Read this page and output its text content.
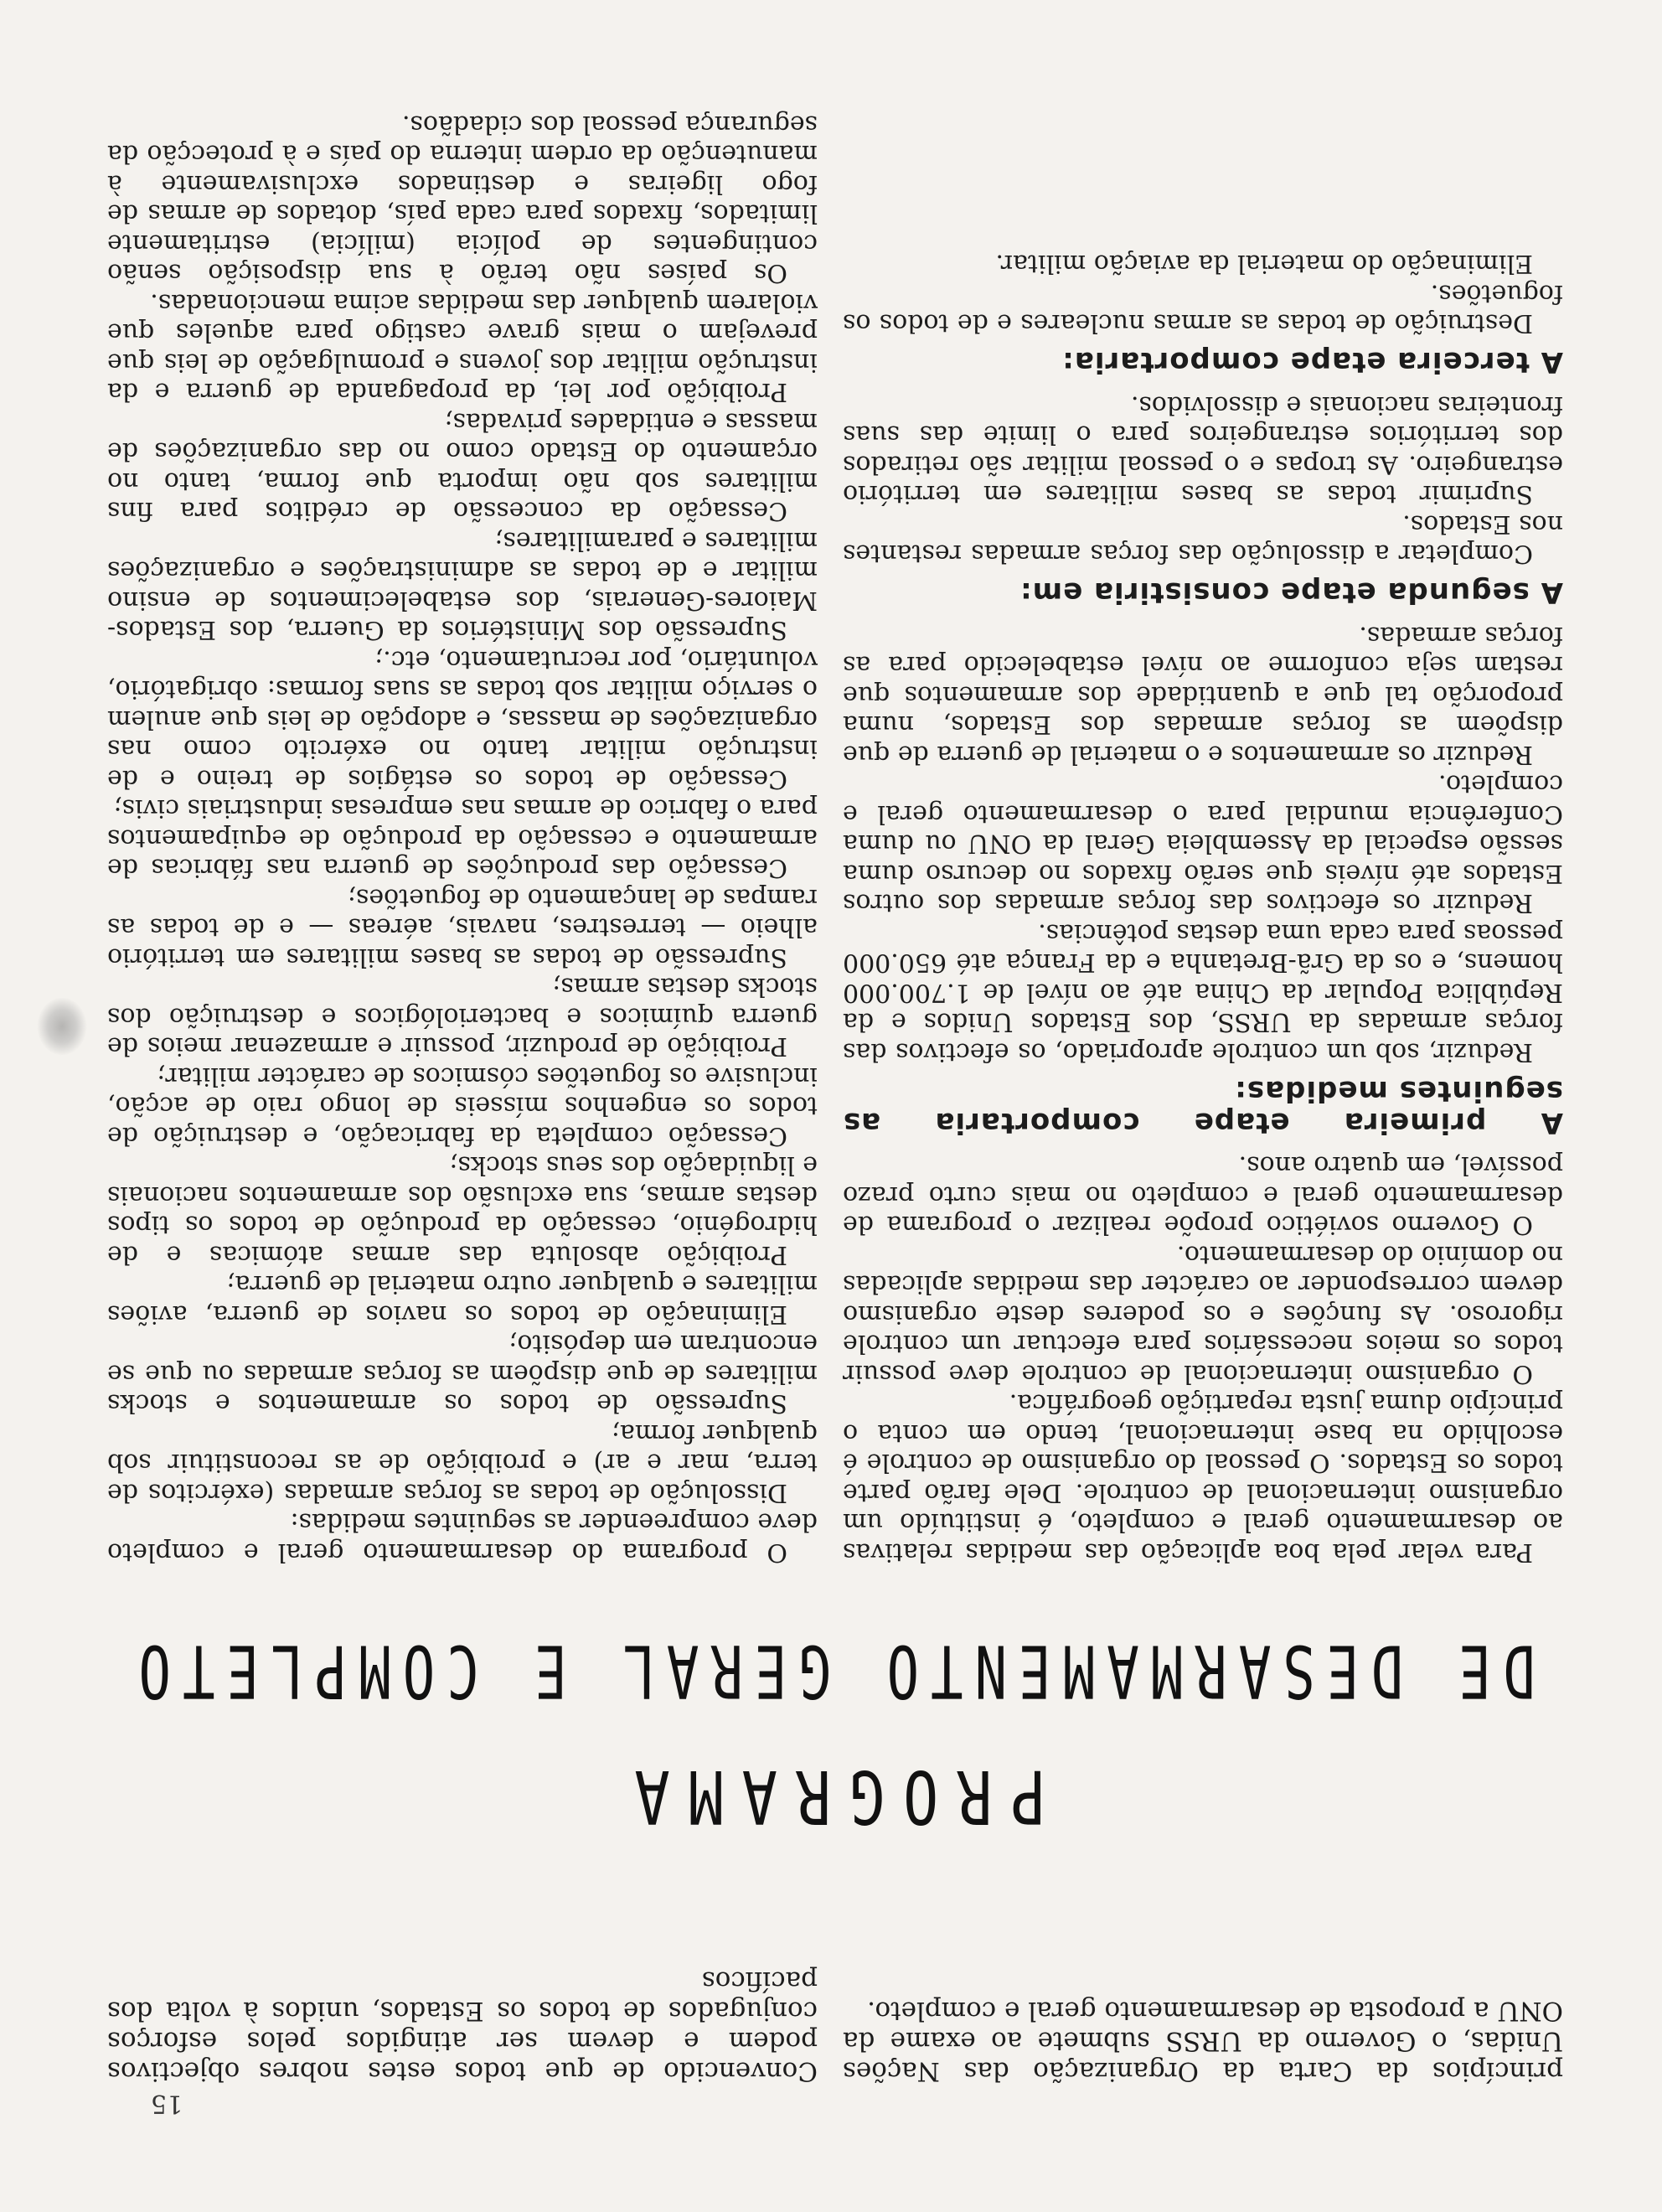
15
princípios da Carta da Organização das Nações Unidas, o Governo da URSS submete ao exame da ONU a proposta de desarmamento geral e completo.
Convencido de que todos estes nobres objectivos podem e devem ser atingidos pelos esforços conjugados de todos os Estados, unidos à volta dos pacíficos
PROGRAMA
DE DESARMAMENTO GERAL E COMPLETO

O programa do desarmamento geral e completo deve compreender as seguintes medidas:

Dissolução de todas as forças armadas (exércitos de terra, mar e ar) e proibição de as reconstituir sob qualquer forma;

Supressão de todos os armamentos e stocks militares de que dispõem as forças armadas ou que se encontram em depósito;

Eliminação de todos os navios de guerra, aviões militares e qualquer outro material de guerra;

Proibição absoluta das armas atómicas e de hidrogénio, cessação da produção de todos os tipos destas armas, sua exclusão dos armamentos nacionais e liquidação dos seus stocks;

Cessação completa da fabricação, e destruição de todos os engenhos mísseis de longo raio de acção, inclusive os foguetões cósmicos de carácter militar;

Proibição de produzir, possuir e armazenar meios de guerra químicos e bacteriológicos e destruição dos stocks destas armas;

Supressão de todas as bases militares em território alheio — terrestres, navais, aéreas — e de todas as rampas de lançamento de foguetões;

Cessação das produções de guerra nas fábricas de armamento e cessação da produção de equipamentos para o fabrico de armas nas empresas industriais civis;

Cessação de todos os estágios de treino e de instrução militar tanto no exército como nas organizações de massas, e adopção de leis que anulem o serviço militar sob todas as suas formas: obrigatório, voluntário, por recrutamento, etc.;

Supressão dos Ministérios da Guerra, dos Estados-Maiores-Generais, dos estabelecimentos de ensino militar e de todas as administrações e organizações militares e paramilitares;

Cessação da concessão de créditos para fins militares sob não importa que forma, tanto no orçamento do Estado como no das organizações de massas e entidades privadas;

Proibição por lei, da propaganda de guerra e da instrução militar dos jovens e promulgação de leis que prevejam o mais grave castigo para aqueles que violarem qualquer das medidas acima mencionadas.

Os países não terão à sua disposição senão contingentes de polícia (milícia) estritamente limitados, fixados para cada país, dotados de armas de fogo ligeiras e destinados exclusivamente à manutenção da ordem interna do país e à protecção da segurança pessoal dos cidadãos.

Para velar pela boa aplicação das medidas relativas ao desarmamento geral e completo, é instituído um organismo internacional de controle. Dele farão parte todos os Estados. O pessoal do organismo de controle é escolhido na base internacional, tendo em conta o princípio duma justa repartição geográfica.

O organismo internacional de controle deve possuir todos os meios necessários para efectuar um controle rigoroso. As funções e os poderes deste organismo devem corresponder ao carácter das medidas aplicadas no domínio do desarmamento.

O Governo soviético propõe realizar o programa de desarmamento geral e completo no mais curto prazo possível, em quatro anos.

A primeira etape comportaria as seguintes medidas:

Reduzir, sob um controle apropriado, os efectivos das forças armadas da URSS, dos Estados Unidos e da República Popular da China até ao nível de 1.700.000 homens, e os da Grã-Bretanha e da França até 650.000 pessoas para cada uma destas potências.

Reduzir os efectivos das forças armadas dos outros Estados até níveis que serão fixados no decurso duma sessão especial da Assembleia Geral da ONU ou duma Conferência mundial para o desarmamento geral e completo.

Reduzir os armamentos e o material de guerra de que dispõem as forças armadas dos Estados, numa proporção tal que a quantidade dos armamentos que restam seja conforme ao nível estabelecido para as forças armadas.

A segunda etape consistiria em:

Completar a dissolução das forças armadas restantes nos Estados.

Suprimir todas as bases militares em território estrangeiro. As tropas e o pessoal militar são retirados dos territórios estrangeiros para o limite das suas fronteiras nacionais e dissolvidos.

A terceira etape comportaria:

Destruição de todas as armas nucleares e de todos os foguetões.

Eliminação do material da aviação militar.
